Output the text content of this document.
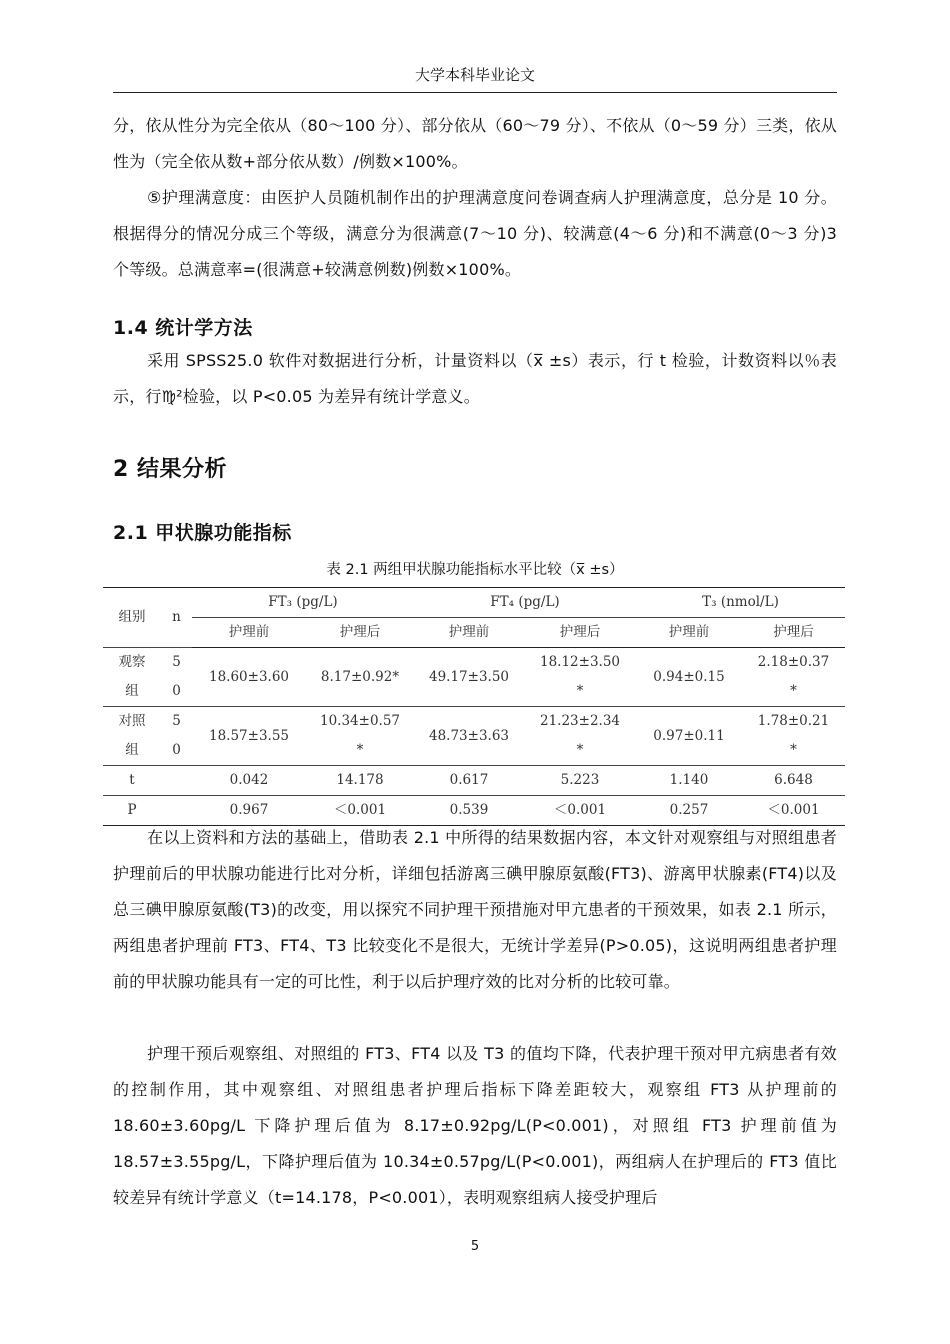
大学本科毕业论文

分，依从性分为完全依从（80～100 分）、部分依从（60～79 分）、不依从（0～59 分）三类，依从性为（完全依从数+部分依从数）/例数×100%。

⑤护理满意度：由医护人员随机制作出的护理满意度问卷调查病人护理满意度，总分是 10 分。根据得分的情况分成三个等级，满意分为很满意(7～10 分)、较满意(4～6 分)和不满意(0～3 分)3 个等级。总满意率=(很满意+较满意例数)例数×100%。

1.4 统计学方法

采用 SPSS25.0 软件对数据进行分析，计量资料以（x̅ ±s）表示，行 t 检验，计数资料以％表示，行♍²检验，以 P<0.05 为差异有统计学意义。

2 结果分析
2.1 甲状腺功能指标
表 2.1 两组甲状腺功能指标水平比较（x̅ ±s）
组别	n	FT₃ (pg/L)		FT₄ (pg/L)		T₃ (nmol/L)	
		护理前	护理后	护理前	护理后	护理前	护理后
观察	5	18.60±3.60	8.17±0.92*	49.17±3.50	18.12±3.50	0.94±0.15	2.18±0.37
组	0				*		*
对照	5	18.57±3.55	10.34±0.57	48.73±3.63	21.23±2.34	0.97±0.11	1.78±0.21
组	0		*		*		*
t		0.042	14.178	0.617	5.223	1.140	6.648
P		0.967	＜0.001	0.539	＜0.001	0.257	＜0.001

在以上资料和方法的基础上，借助表 2.1 中所得的结果数据内容，本文针对观察组与对照组患者护理前后的甲状腺功能进行比对分析，详细包括游离三碘甲腺原氨酸(FT3)、游离甲状腺素(FT4)以及总三碘甲腺原氨酸(T3)的改变，用以探究不同护理干预措施对甲亢患者的干预效果，如表 2.1 所示，两组患者护理前 FT3、FT4、T3 比较变化不是很大，无统计学差异(P>0.05)，这说明两组患者护理前的甲状腺功能具有一定的可比性，利于以后护理疗效的比对分析的比较可靠。

护理干预后观察组、对照组的 FT3、FT4 以及 T3 的值均下降，代表护理干预对甲亢病患者有效的控制作用，其中观察组、对照组患者护理后指标下降差距较大，观察组 FT3 从护理前的 18.60±3.60pg/L 下降护理后值为 8.17±0.92pg/L(P<0.001)，对照组 FT3 护理前值为 18.57±3.55pg/L，下降护理后值为 10.34±0.57pg/L(P<0.001)，两组病人在护理后的 FT3 值比较差异有统计学意义（t=14.178，P<0.001），表明观察组病人接受护理后

5
